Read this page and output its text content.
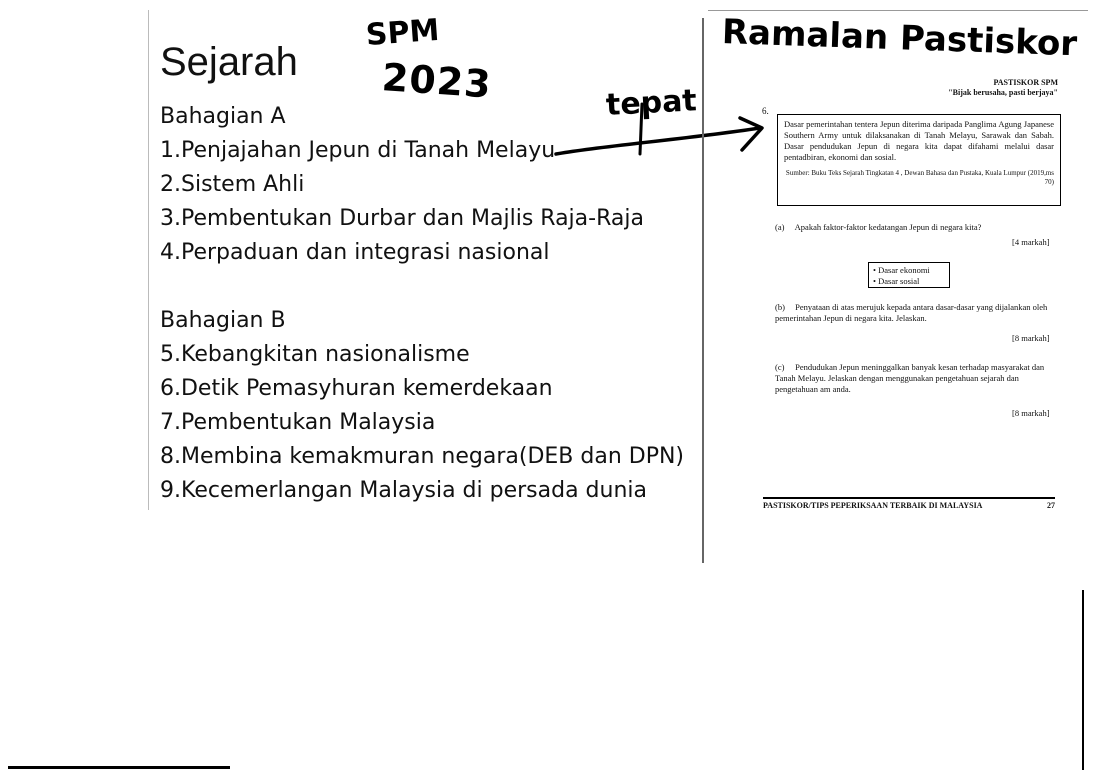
Sejarah
SPM
2023
Ramalan Pastiskor
tepat
Bahagian A
1.Penjajahan Jepun di Tanah Melayu
2.Sistem Ahli
3.Pembentukan Durbar dan Majlis Raja-Raja
4.Perpaduan dan integrasi nasional
Bahagian B
5.Kebangkitan nasionalisme
6.Detik Pemasyhuran kemerdekaan
7.Pembentukan Malaysia
8.Membina kemakmuran negara(DEB dan DPN)
9.Kecemerlangan Malaysia di persada dunia
PASTISKOR SPM
"Bijak berusaha, pasti berjaya"
6.
Dasar pemerintahan tentera Jepun diterima daripada Panglima Agung Japanese Southern Army untuk dilaksanakan di Tanah Melayu, Sarawak dan Sabah. Dasar pendudukan Jepun di negara kita dapat difahami melalui dasar pentadbiran, ekonomi dan sosial.
Sumber: Buku Teks Sejarah Tingkatan 4 , Dewan Bahasa dan Pustaka, Kuala Lumpur (2019,ms 70)
(a) Apakah faktor-faktor kedatangan Jepun di negara kita?
[4 markah]
• Dasar ekonomi
• Dasar sosial
(b) Penyataan di atas merujuk kepada antara dasar-dasar yang dijalankan oleh pemerintahan Jepun di negara kita. Jelaskan.
[8 markah]
(c) Pendudukan Jepun meninggalkan banyak kesan terhadap masyarakat dan Tanah Melayu. Jelaskan dengan menggunakan pengetahuan sejarah dan pengetahuan am anda.
[8 markah]
PASTISKOR/TIPS PEPERIKSAAN TERBAIK DI MALAYSIA	27
